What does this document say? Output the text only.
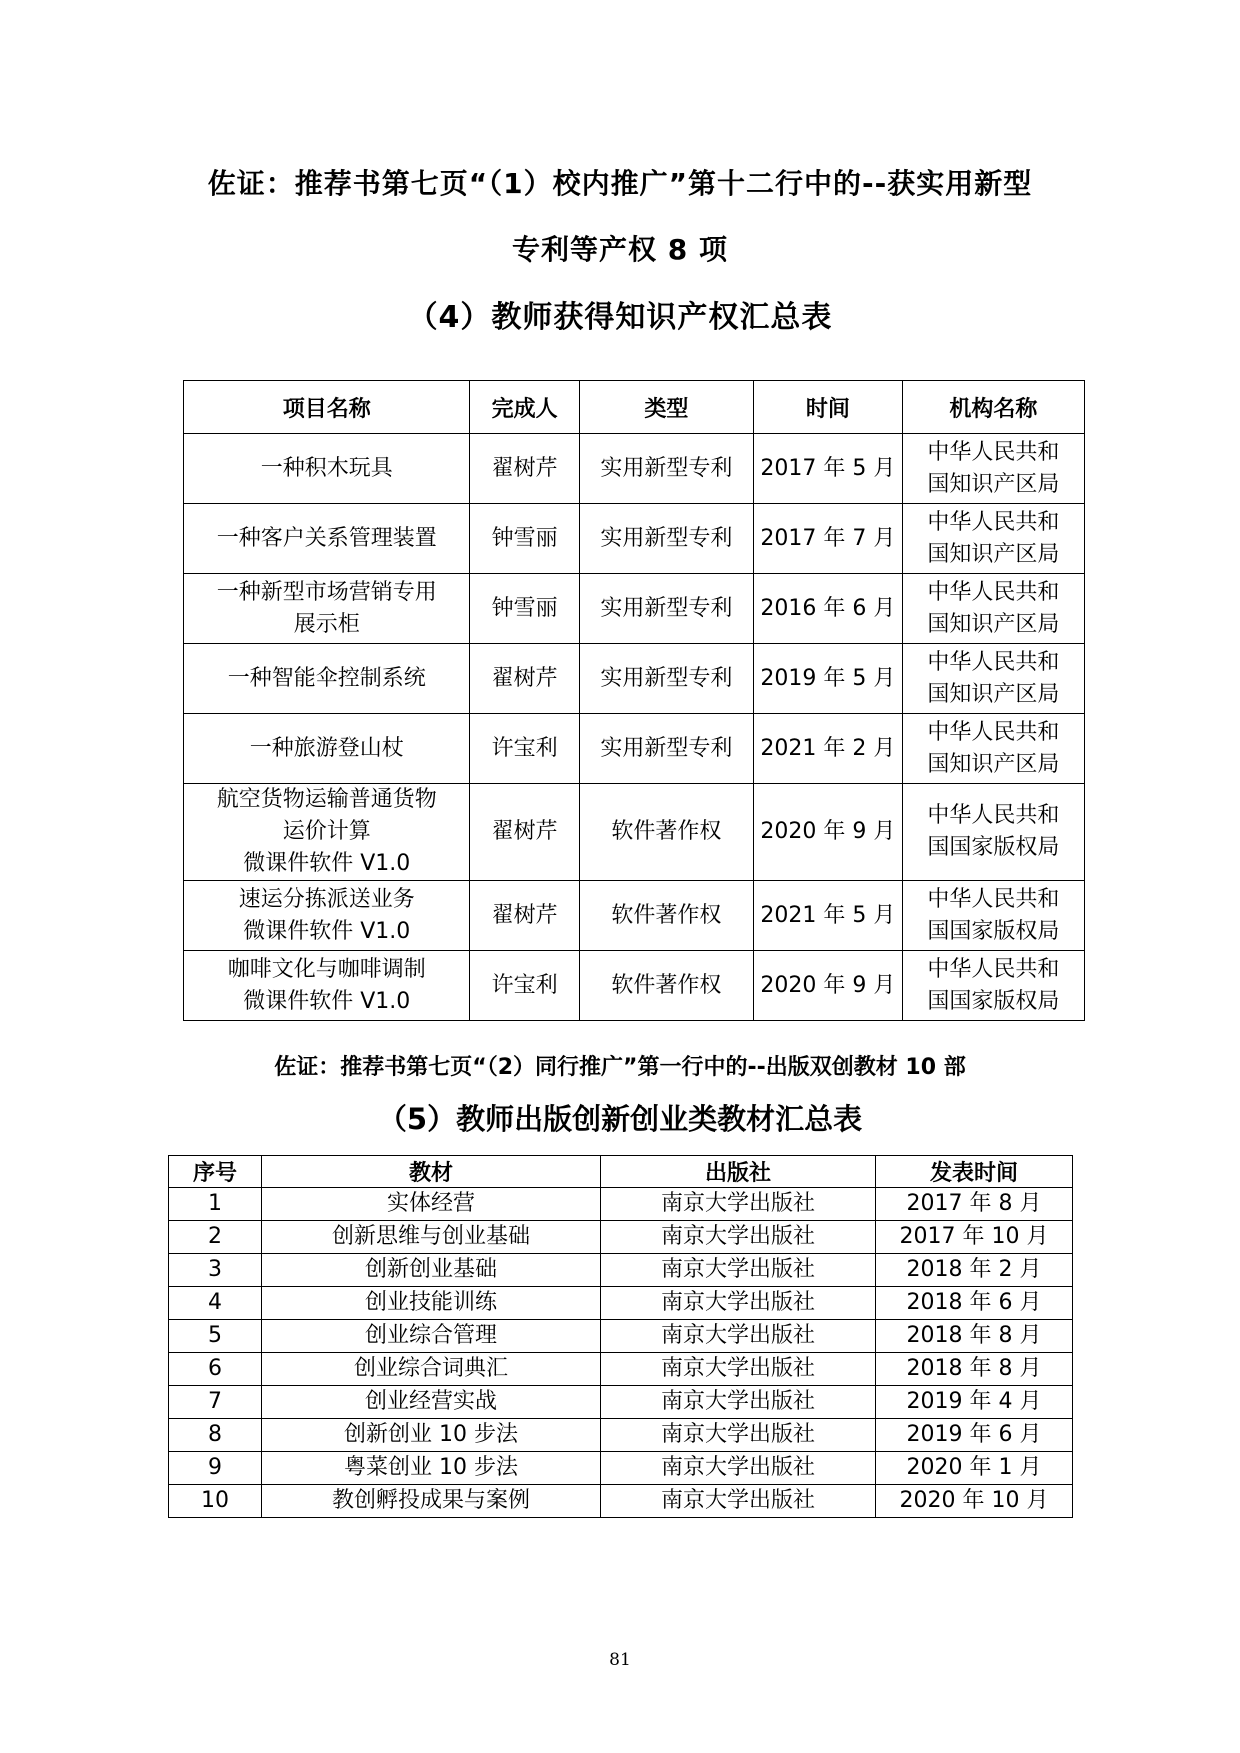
佐证：推荐书第七页“（1）校内推广”第十二行中的--获实用新型
专利等产权 8 项
（4）教师获得知识产权汇总表
项目名称	完成人	类型	时间	机构名称

一种积木玩具	翟树芹	实用新型专利	2017 年 5 月	中华人民共和
国知识产区局

一种客户关系管理装置	钟雪丽	实用新型专利	2017 年 7 月	中华人民共和
国知识产区局

一种新型市场营销专用
展示柜	钟雪丽	实用新型专利	2016 年 6 月	中华人民共和
国知识产区局

一种智能伞控制系统	翟树芹	实用新型专利	2019 年 5 月	中华人民共和
国知识产区局

一种旅游登山杖	许宝利	实用新型专利	2021 年 2 月	中华人民共和
国知识产区局

航空货物运输普通货物
运价计算
微课件软件 V1.0	翟树芹	软件著作权	2020 年 9 月	中华人民共和
国国家版权局

速运分拣派送业务
微课件软件 V1.0	翟树芹	软件著作权	2021 年 5 月	中华人民共和
国国家版权局

咖啡文化与咖啡调制
微课件软件 V1.0	许宝利	软件著作权	2020 年 9 月	中华人民共和
国国家版权局
佐证：推荐书第七页“（2）同行推广”第一行中的--出版双创教材 10 部
（5）教师出版创新创业类教材汇总表
序号	教材	出版社	发表时间
1	实体经营	南京大学出版社	2017 年 8 月
2	创新思维与创业基础	南京大学出版社	2017 年 10 月
3	创新创业基础	南京大学出版社	2018 年 2 月
4	创业技能训练	南京大学出版社	2018 年 6 月
5	创业综合管理	南京大学出版社	2018 年 8 月
6	创业综合词典汇	南京大学出版社	2018 年 8 月
7	创业经营实战	南京大学出版社	2019 年 4 月
8	创新创业 10 步法	南京大学出版社	2019 年 6 月
9	粤菜创业 10 步法	南京大学出版社	2020 年 1 月
10	教创孵投成果与案例	南京大学出版社	2020 年 10 月
81
